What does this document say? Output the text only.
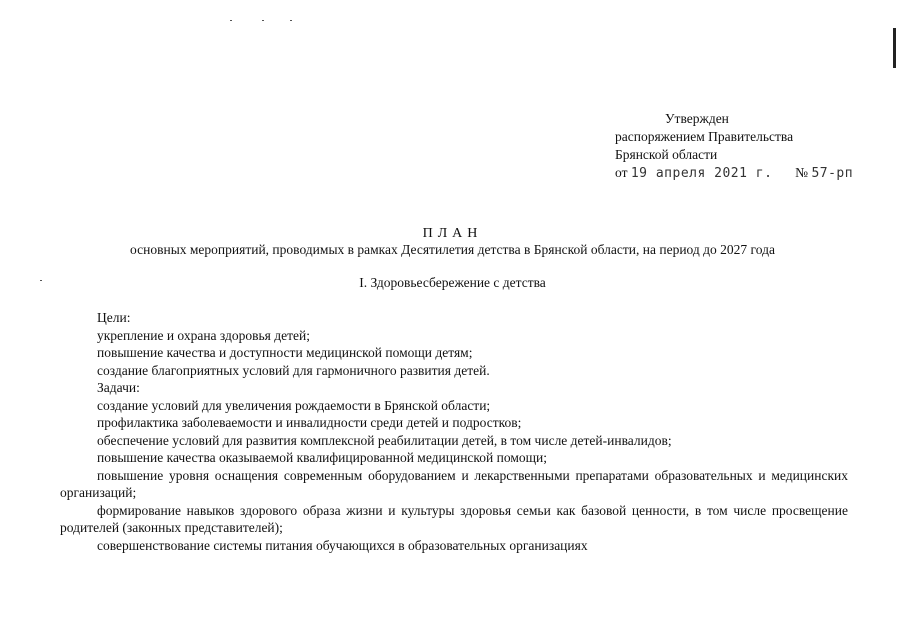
Утвержден
распоряжением Правительства
Брянской области
от 19 апреля 2021 г. № 57-рп
ПЛАН
основных мероприятий, проводимых в рамках Десятилетия детства в Брянской области, на период до 2027 года
I. Здоровьесбережение с детства

Цели:

укрепление и охрана здоровья детей;

повышение качества и доступности медицинской помощи детям;

создание благоприятных условий для гармоничного развития детей.

Задачи:

создание условий для увеличения рождаемости в Брянской области;

профилактика заболеваемости и инвалидности среди детей и подростков;

обеспечение условий для развития комплексной реабилитации детей, в том числе детей-инвалидов;

повышение качества оказываемой квалифицированной медицинской помощи;

повышение уровня оснащения современным оборудованием и лекарственными препаратами образовательных и медицинских организаций;

формирование навыков здорового образа жизни и культуры здоровья семьи как базовой ценности, в том числе просвещение родителей (законных представителей);

совершенствование системы питания обучающихся в образовательных организациях
